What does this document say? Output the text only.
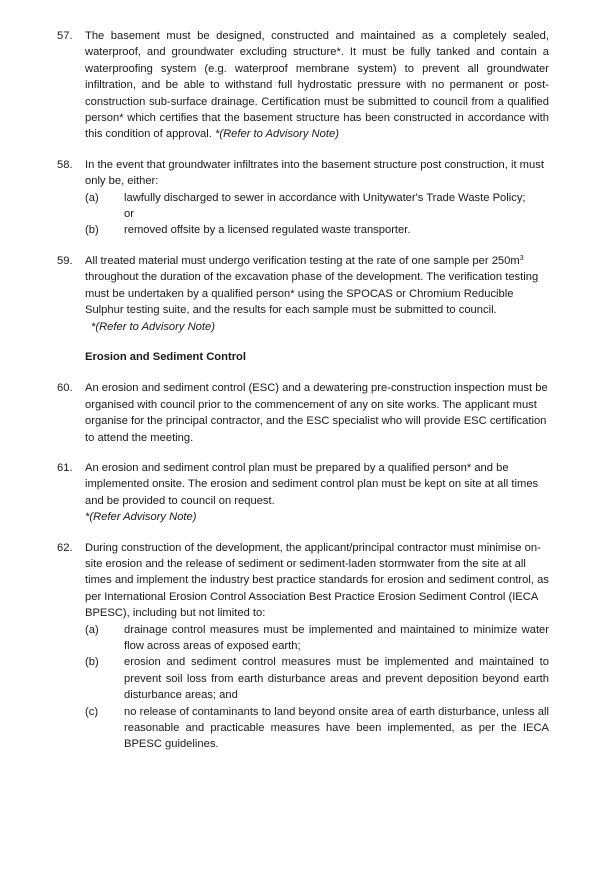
57. The basement must be designed, constructed and maintained as a completely sealed, waterproof, and groundwater excluding structure*. It must be fully tanked and contain a waterproofing system (e.g. waterproof membrane system) to prevent all groundwater infiltration, and be able to withstand full hydrostatic pressure with no permanent or post-construction sub-surface drainage. Certification must be submitted to council from a qualified person* which certifies that the basement structure has been constructed in accordance with this condition of approval. *(Refer to Advisory Note)

58. In the event that groundwater infiltrates into the basement structure post construction, it must only be, either:

(a) lawfully discharged to sewer in accordance with Unitywater's Trade Waste Policy;

or
(b) removed offsite by a licensed regulated waste transporter.

59. All treated material must undergo verification testing at the rate of one sample per $250m^3$ throughout the duration of the excavation phase of the development. The verification testing must be undertaken by a qualified person* using the SPOCAS or Chromium Reducible Sulphur testing suite, and the results for each sample must be submitted to council.

*(Refer to Advisory Note)
Erosion and Sediment Control
60. An erosion and sediment control (ESC) and a dewatering pre-construction inspection must be organised with council prior to the commencement of any on site works. The applicant must organise for the principal contractor, and the ESC specialist who will provide ESC certification to attend the meeting.

61. An erosion and sediment control plan must be prepared by a qualified person* and be implemented onsite. The erosion and sediment control plan must be kept on site at all times and be provided to council on request.

*(Refer Advisory Note)
62. During construction of the development, the applicant/principal contractor must minimise on-site erosion and the release of sediment or sediment-laden stormwater from the site at all times and implement the industry best practice standards for erosion and sediment control, as per International Erosion Control Association Best Practice Erosion Sediment Control (IECA BPESC), including but not limited to:

(a) drainage control measures must be implemented and maintained to minimize water flow across areas of exposed earth;

(b) erosion and sediment control measures must be implemented and maintained to prevent soil loss from earth disturbance areas and prevent deposition beyond earth disturbance areas; and

(c) no release of contaminants to land beyond onsite area of earth disturbance, unless all reasonable and practicable measures have been implemented, as per the IECA BPESC guidelines.
